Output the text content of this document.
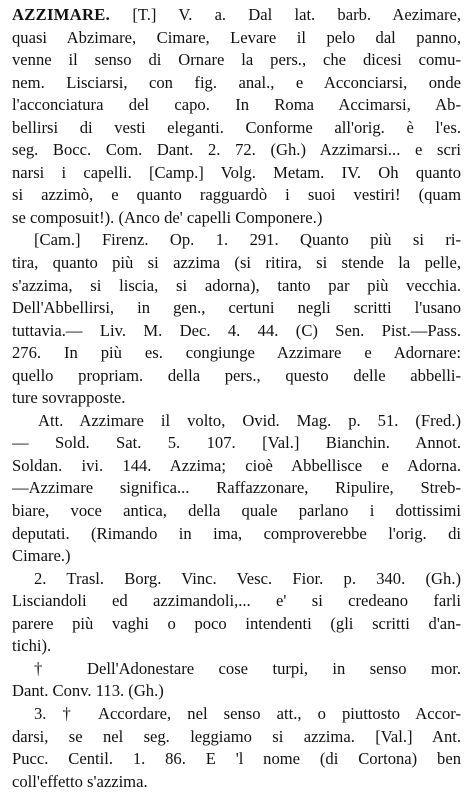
AZZIMARE. [T.] V. a. Dal lat. barb. Aezimare,
quasi Abzimare, Cimare, Levare il pelo dal panno,
venne il senso di Ornare la pers., che dicesi comu-
nem. Lisciarsi, con fig. anal., e Acconciarsi, onde
l'acconciatura del capo. In Roma Accimarsi, Ab-
bellirsi di vesti eleganti. Conforme all'orig. è l'es.
seg. Bocc. Com. Dant. 2. 72. (Gh.) Azzimarsi... e scri
narsi i capelli. [Camp.] Volg. Metam. IV. Oh quanto
si azzimò, e quanto ragguardò i suoi vestiri! (quam
se composuit!). (Anco de' capelli Componere.)
[Cam.] Firenz. Op. 1. 291. Quanto più si ri-
tira, quanto più si azzima (si ritira, si stende la pelle,
s'azzima, si liscia, si adorna), tanto par più vecchia.
Dell'Abbellirsi, in gen., certuni negli scritti l'usano
tuttavia.— Liv. M. Dec. 4. 44. (C) Sen. Pist.—Pass.
276. In più es. congiunge Azzimare e Adornare:
quello propriam. della pers., questo delle abbelli-
ture sovrapposte.
Att. Azzimare il volto, Ovid. Mag. p. 51. (Fred.)
— Sold. Sat. 5. 107. [Val.] Bianchin. Annot.
Soldan. ivi. 144. Azzima; cioè Abbellisce e Adorna.
—Azzimare significa... Raffazzonare, Ripulire, Streb-
biare, voce antica, della quale parlano i dottissimi
deputati. (Rimando in ima, comproverebbe l'orig. di
Cimare.)
2. Trasl. Borg. Vinc. Vesc. Fior. p. 340. (Gh.)
Lisciandoli ed azzimandoli,... e' si credeano farli
parere più vaghi o poco intendenti (gli scritti d'an-
tichi).
† Dell'Adonestare cose turpi, in senso mor.
Dant. Conv. 113. (Gh.)
3. † Accordare, nel senso att., o piuttosto Accor-
darsi, se nel seg. leggiamo si azzima. [Val.] Ant.
Pucc. Centil. 1. 86. E 'l nome (di Cortona) ben
coll'effetto s'azzima.
